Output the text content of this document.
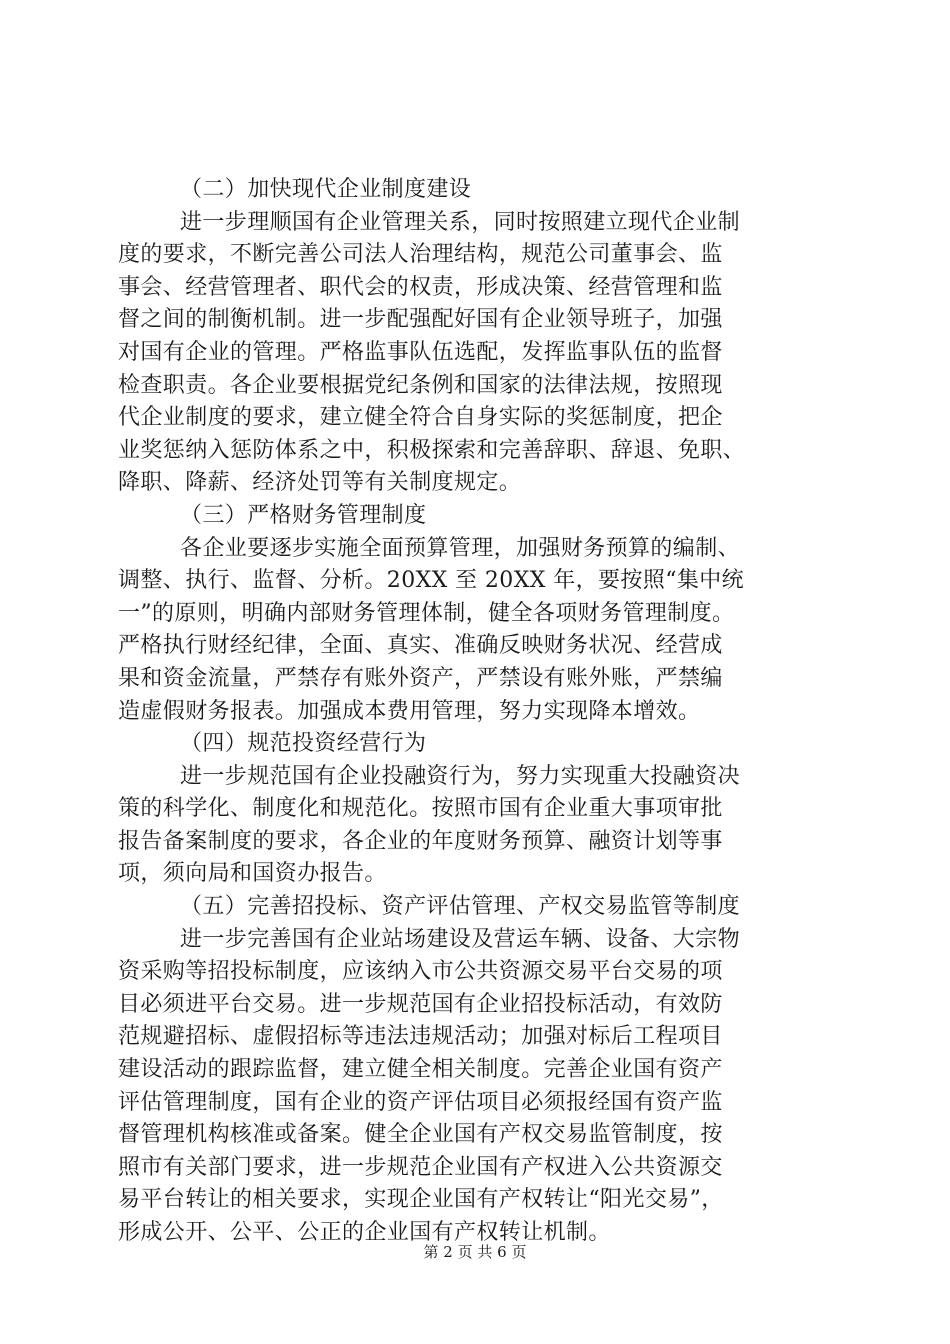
（二）加快现代企业制度建设
进一步理顺国有企业管理关系，同时按照建立现代企业制
度的要求，不断完善公司法人治理结构，规范公司董事会、监
事会、经营管理者、职代会的权责，形成决策、经营管理和监
督之间的制衡机制。进一步配强配好国有企业领导班子，加强
对国有企业的管理。严格监事队伍选配，发挥监事队伍的监督
检查职责。各企业要根据党纪条例和国家的法律法规，按照现
代企业制度的要求，建立健全符合自身实际的奖惩制度，把企
业奖惩纳入惩防体系之中，积极探索和完善辞职、辞退、免职、
降职、降薪、经济处罚等有关制度规定。
（三）严格财务管理制度
各企业要逐步实施全面预算管理，加强财务预算的编制、
调整、执行、监督、分析。20XX 至 20XX 年，要按照“集中统
一”的原则，明确内部财务管理体制，健全各项财务管理制度。
严格执行财经纪律，全面、真实、准确反映财务状况、经营成
果和资金流量，严禁存有账外资产，严禁设有账外账，严禁编
造虚假财务报表。加强成本费用管理，努力实现降本增效。
（四）规范投资经营行为
进一步规范国有企业投融资行为，努力实现重大投融资决
策的科学化、制度化和规范化。按照市国有企业重大事项审批
报告备案制度的要求，各企业的年度财务预算、融资计划等事
项，须向局和国资办报告。
（五）完善招投标、资产评估管理、产权交易监管等制度
进一步完善国有企业站场建设及营运车辆、设备、大宗物
资采购等招投标制度，应该纳入市公共资源交易平台交易的项
目必须进平台交易。进一步规范国有企业招投标活动，有效防
范规避招标、虚假招标等违法违规活动；加强对标后工程项目
建设活动的跟踪监督，建立健全相关制度。完善企业国有资产
评估管理制度，国有企业的资产评估项目必须报经国有资产监
督管理机构核准或备案。健全企业国有产权交易监管制度，按
照市有关部门要求，进一步规范企业国有产权进入公共资源交
易平台转让的相关要求，实现企业国有产权转让“阳光交易”，
形成公开、公平、公正的企业国有产权转让机制。
第 2 页 共 6 页
